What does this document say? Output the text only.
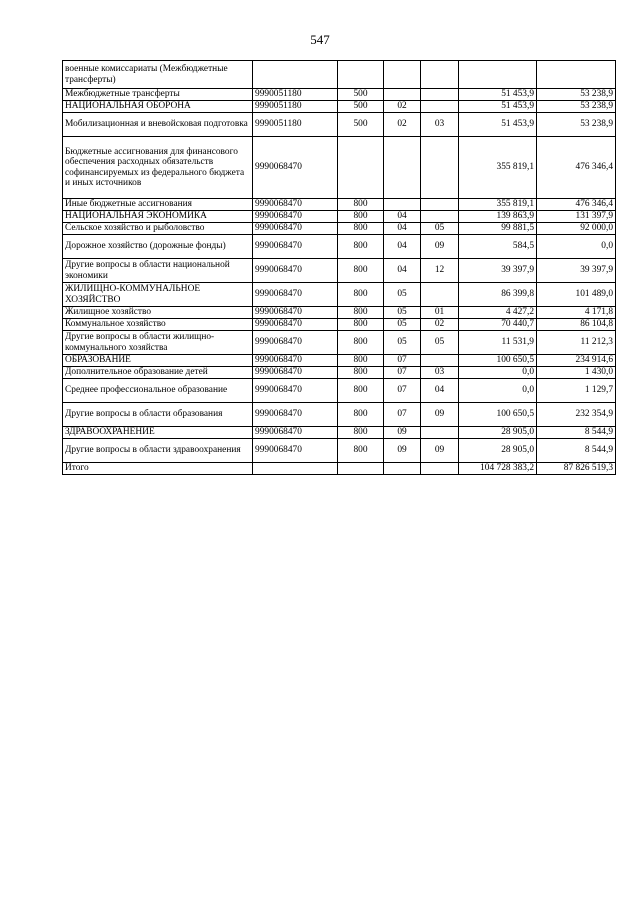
547
военные комиссариаты (Межбюджетные трансферты)						
Межбюджетные трансферты	9990051180	500			51 453,9	53 238,9
НАЦИОНАЛЬНАЯ ОБОРОНА	9990051180	500	02		51 453,9	53 238,9
Мобилизационная и вневойсковая подготовка	9990051180	500	02	03	51 453,9	53 238,9
Бюджетные ассигнования для финансового обеспечения расходных обязательств софинансируемых из федерального бюджета и иных источников	9990068470				355 819,1	476 346,4
Иные бюджетные ассигнования	9990068470	800			355 819,1	476 346,4
НАЦИОНАЛЬНАЯ ЭКОНОМИКА	9990068470	800	04		139 863,9	131 397,9
Сельское хозяйство и рыболовство	9990068470	800	04	05	99 881,5	92 000,0
Дорожное хозяйство (дорожные фонды)	9990068470	800	04	09	584,5	0,0
Другие вопросы в области национальной экономики	9990068470	800	04	12	39 397,9	39 397,9
ЖИЛИЩНО-КОММУНАЛЬНОЕ ХОЗЯЙСТВО	9990068470	800	05		86 399,8	101 489,0
Жилищное хозяйство	9990068470	800	05	01	4 427,2	4 171,8
Коммунальное хозяйство	9990068470	800	05	02	70 440,7	86 104,8
Другие вопросы в области жилищно-коммунального хозяйства	9990068470	800	05	05	11 531,9	11 212,3
ОБРАЗОВАНИЕ	9990068470	800	07		100 650,5	234 914,6
Дополнительное образование детей	9990068470	800	07	03	0,0	1 430,0
Среднее профессиональное образование	9990068470	800	07	04	0,0	1 129,7
Другие вопросы в области образования	9990068470	800	07	09	100 650,5	232 354,9
ЗДРАВООХРАНЕНИЕ	9990068470	800	09		28 905,0	8 544,9
Другие вопросы в области здравоохранения	9990068470	800	09	09	28 905,0	8 544,9
Итого					104 728 383,2	87 826 519,3
